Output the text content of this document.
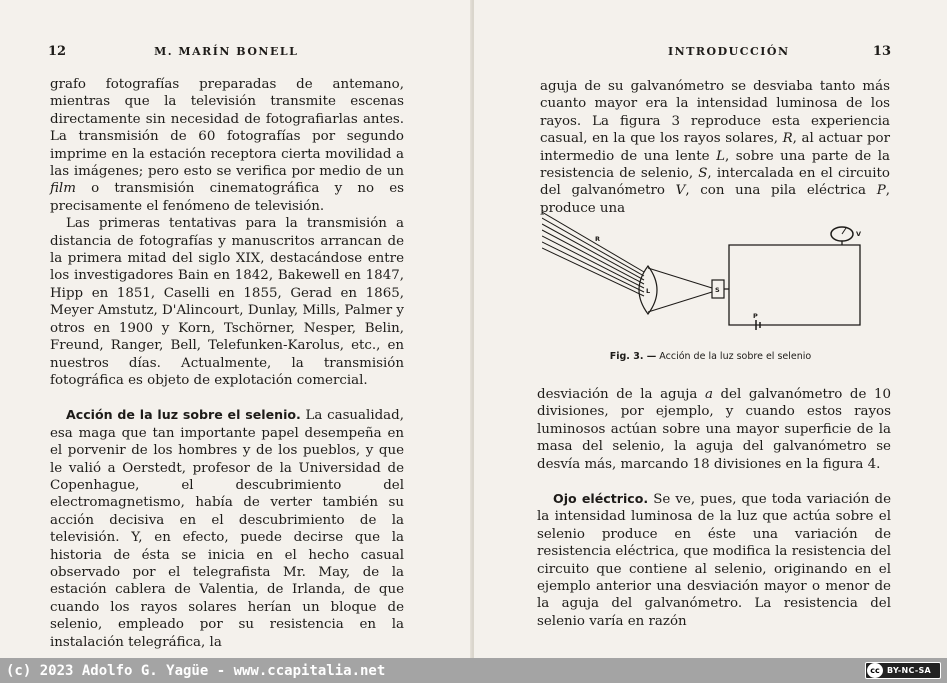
12	M. MARÍN BONELL

grafo fotografías preparadas de antemano, mientras que la televisión transmite escenas directamente sin necesidad de fotografiarlas antes. La transmisión de 60 fotografías por segundo imprime en la estación receptora cierta movilidad a las imágenes; pero esto se verifica por medio de un film o transmisión cinematográfica y no es precisamente el fenómeno de televisión.

Las primeras tentativas para la transmisión a distancia de fotografías y manuscritos arrancan de la primera mitad del siglo XIX, destacándose entre los investigadores Bain en 1842, Bakewell en 1847, Hipp en 1851, Caselli en 1855, Gerad en 1865, Meyer Amstutz, D'Alincourt, Dunlay, Mills, Palmer y otros en 1900 y Korn, Tschörner, Nesper, Belin, Freund, Ranger, Bell, Telefunken-Karolus, etc., en nuestros días. Actualmente, la transmisión fotográfica es objeto de explotación comercial.

Acción de la luz sobre el selenio. La casualidad, esa maga que tan importante papel desempeña en el porvenir de los hombres y de los pueblos, y que le valió a Oerstedt, profesor de la Universidad de Copenhague, el descubrimiento del electromagnetismo, había de verter también su acción decisiva en el descubrimiento de la televisión. Y, en efecto, puede decirse que la historia de ésta se inicia en el hecho casual observado por el telegrafista Mr. May, de la estación cablera de Valentia, de Irlanda, de que cuando los rayos solares herían un bloque de selenio, empleado por su resistencia en la instalación telegráfica, la

INTRODUCCIÓN	13

aguja de su galvanómetro se desviaba tanto más cuanto mayor era la intensidad luminosa de los rayos. La figura 3 reproduce esta experiencia casual, en la que los rayos solares, R, al actuar por intermedio de una lente L, sobre una parte de la resistencia de selenio, S, intercalada en el circuito del galvanómetro V, con una pila eléctrica P, produce una

R
L	S
V
P
Fig. 3. — Acción de la luz sobre el selenio

desviación de la aguja a del galvanómetro de 10 divisiones, por ejemplo, y cuando estos rayos luminosos actúan sobre una mayor superficie de la masa del selenio, la aguja del galvanómetro se desvía más, marcando 18 divisiones en la figura 4.

Ojo eléctrico. Se ve, pues, que toda variación de la intensidad luminosa de la luz que actúa sobre el selenio produce en éste una variación de resistencia eléctrica, que modifica la resistencia del circuito que contiene al selenio, originando en el ejemplo anterior una desviación mayor o menor de la aguja del galvanómetro. La resistencia del selenio varía en razón

(c) 2023 Adolfo G. Yagüe - www.ccapitalia.net	cc BY-NC-SA
